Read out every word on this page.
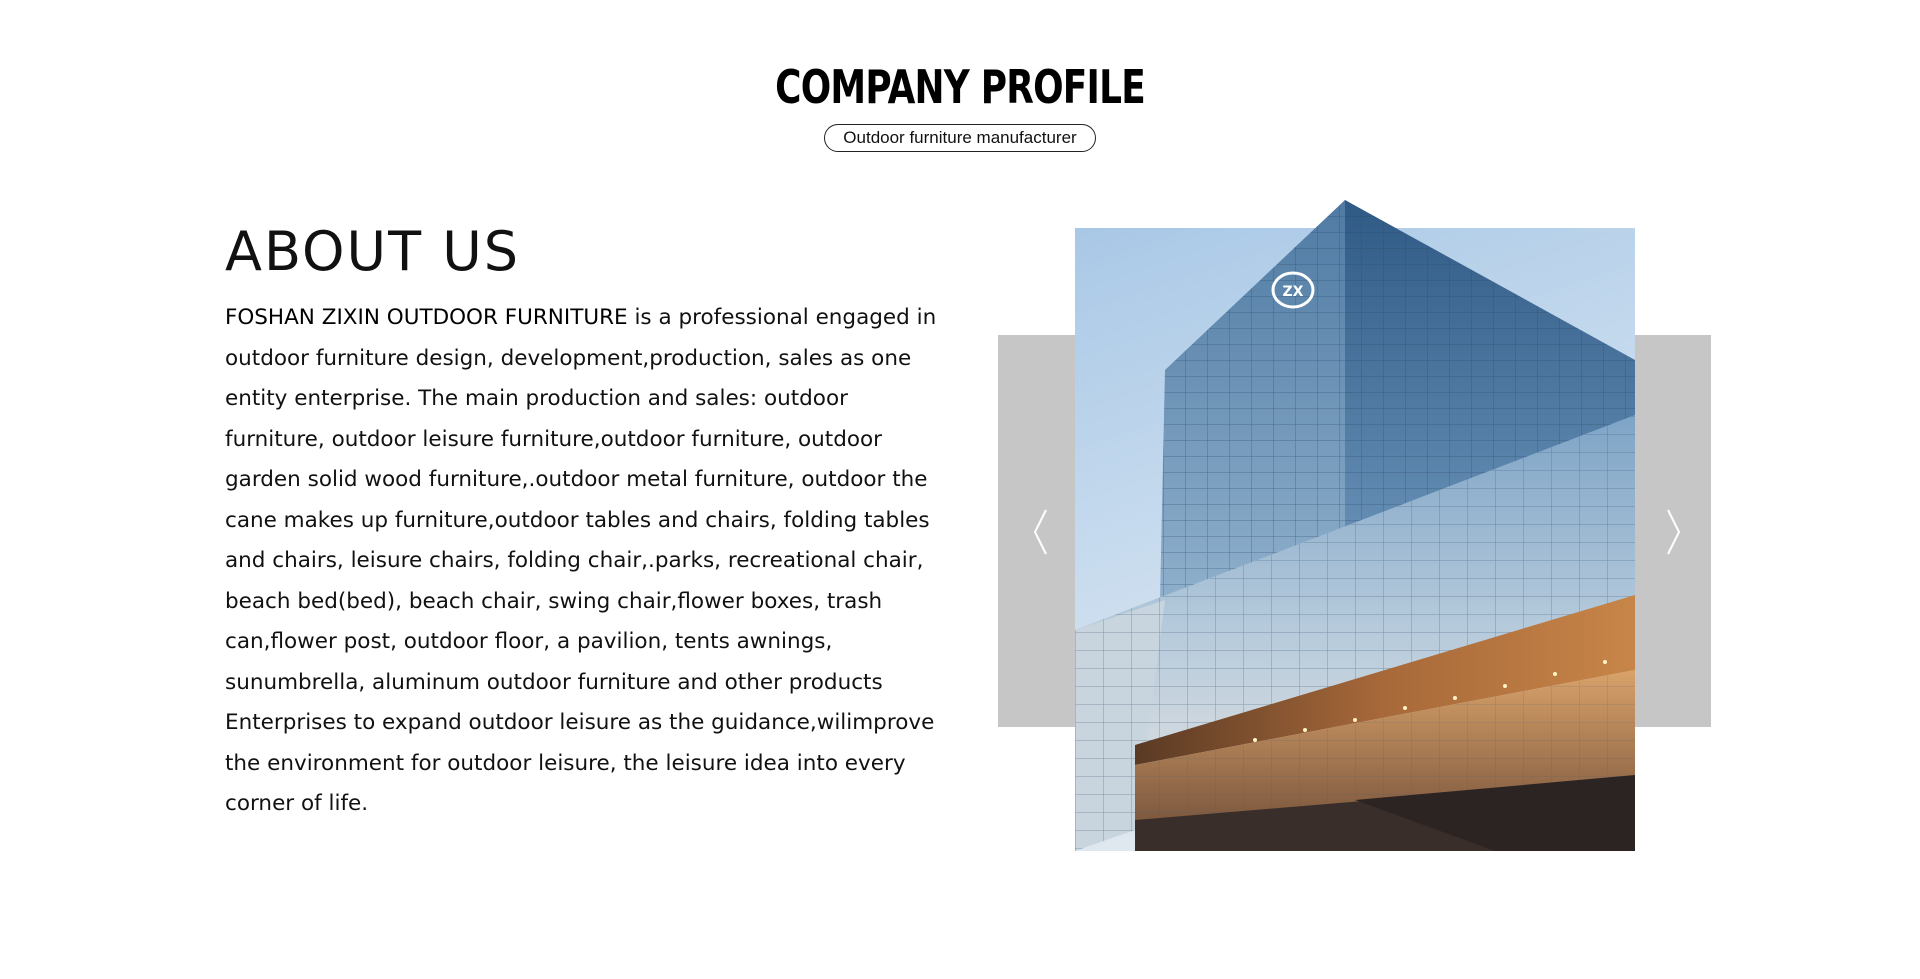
COMPANY PROFILE
Outdoor furniture manufacturer
ABOUT US

FOSHAN ZIXIN OUTDOOR FURNITURE is a professional engaged in outdoor furniture design, development,production, sales as one entity enterprise. The main production and sales: outdoor furniture, outdoor leisure furniture,outdoor furniture, outdoor garden solid wood furniture,.outdoor metal furniture, outdoor the cane makes up furniture,outdoor tables and chairs, folding tables and chairs, leisure chairs, folding chair,.parks, recreational chair, beach bed(bed), beach chair, swing chair,flower boxes, trash can,flower post, outdoor floor, a pavilion, tents awnings, sunumbrella, aluminum outdoor furniture and other products Enterprises to expand outdoor leisure as the guidance,wilimprove the environment for outdoor leisure, the leisure idea into every corner of life.

ZX
